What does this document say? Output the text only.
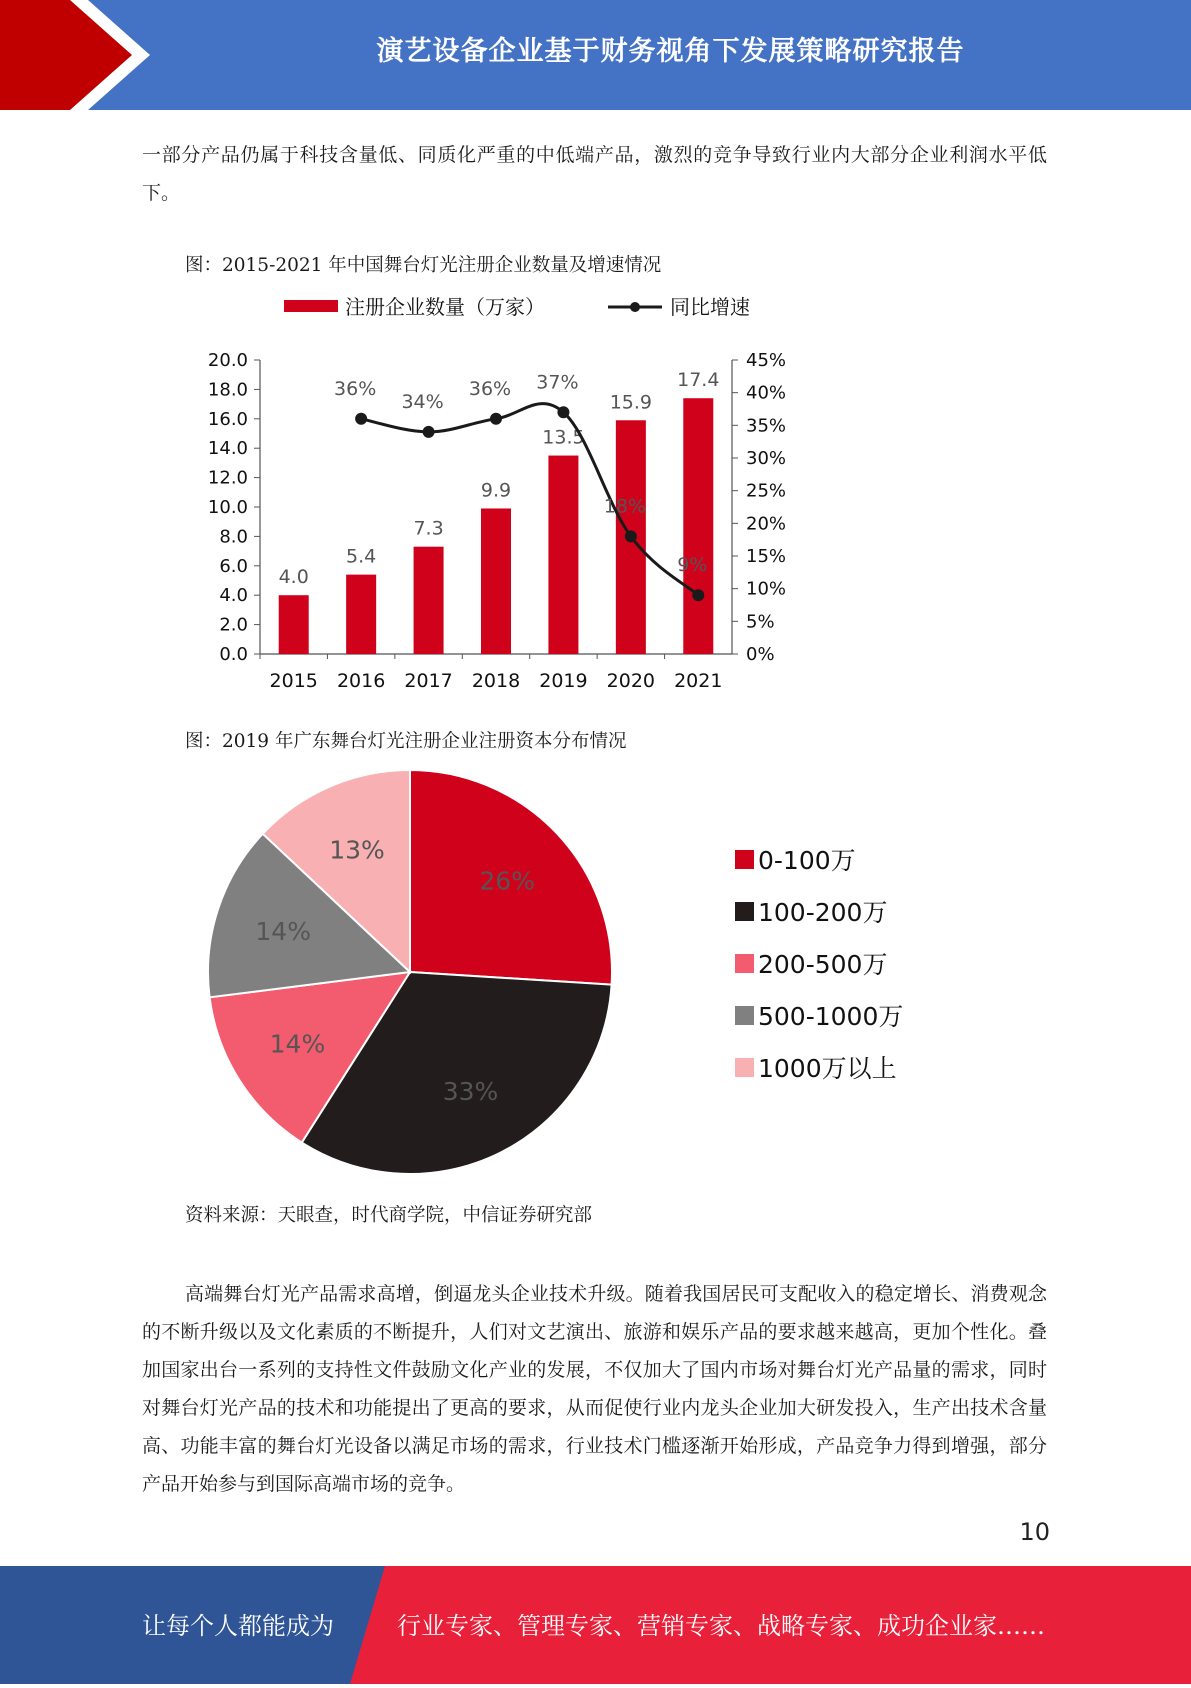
演艺设备企业基于财务视角下发展策略研究报告

一部分产品仍属于科技含量低、同质化严重的中低端产品，激烈的竞争导致行业内大部分企业利润水平低下。

图：2015-2021 年中国舞台灯光注册企业数量及增速情况
注册企业数量（万家）	同比增速
0.0
2.0
4.0
6.0
8.0
10.0
12.0
14.0
16.0
18.0
20.0
0%
5%
10%
15%
20%
25%
30%
35%
40%
45%
4.0
2015
5.4
2016
7.3
2017
9.9
2018
13.5
2019
15.9
2020
17.4
2021
36%
34%
36% 37%
18%
9%
图：2019 年广东舞台灯光注册企业注册资本分布情况
26%
33%
14%
14%
13%	0-100万
100-200万
200-500万
500-1000万
1000万以上
资料来源：天眼查，时代商学院，中信证券研究部

高端舞台灯光产品需求高增，倒逼龙头企业技术升级。随着我国居民可支配收入的稳定增长、消费观念的不断升级以及文化素质的不断提升，人们对文艺演出、旅游和娱乐产品的要求越来越高，更加个性化。叠加国家出台一系列的支持性文件鼓励文化产业的发展，不仅加大了国内市场对舞台灯光产品量的需求，同时对舞台灯光产品的技术和功能提出了更高的要求，从而促使行业内龙头企业加大研发投入，生产出技术含量高、功能丰富的舞台灯光设备以满足市场的需求，行业技术门槛逐渐开始形成，产品竞争力得到增强，部分产品开始参与到国际高端市场的竞争。

10
让每个人都能成为	行业专家、管理专家、营销专家、战略专家、成功企业家……
